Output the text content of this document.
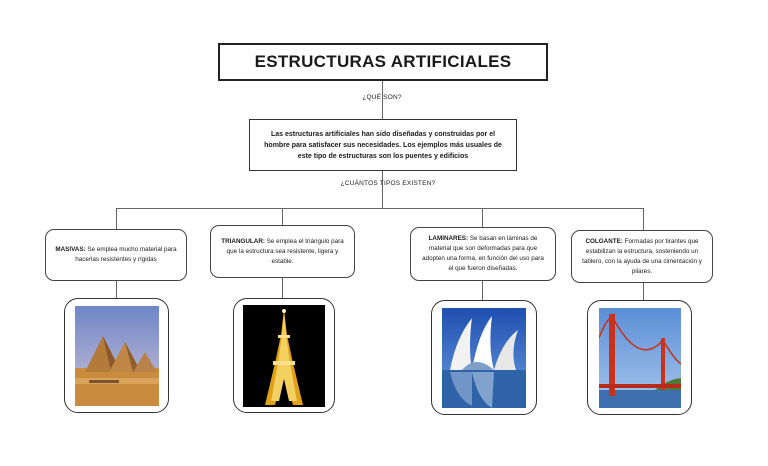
ESTRUCTURAS ARTIFICIALES
¿QUÉ SON?
¿CUÁNTOS TIPOS EXISTEN?
Las estructuras artificiales han sido diseñadas y construidas por el hombre para satisfacer sus necesidades. Los ejemplos más usuales de este tipo de estructuras son los puentes y edificios
MASIVAS: Se emplea mucho material para hacerlas resistentes y rígidas
TRIANGULAR: Se emplea el triángulo para que la estructura sea resistente, ligera y estable.
LAMINARES: Se basan en láminas de material que son deformadas para que adopten una forma, en función del uso para el que fueron diseñadas.
COLGANTE: Formadas por tirantes que estabilizan la estructura, sosteniendo un tablero, con la ayuda de una cimentación y pilares.
